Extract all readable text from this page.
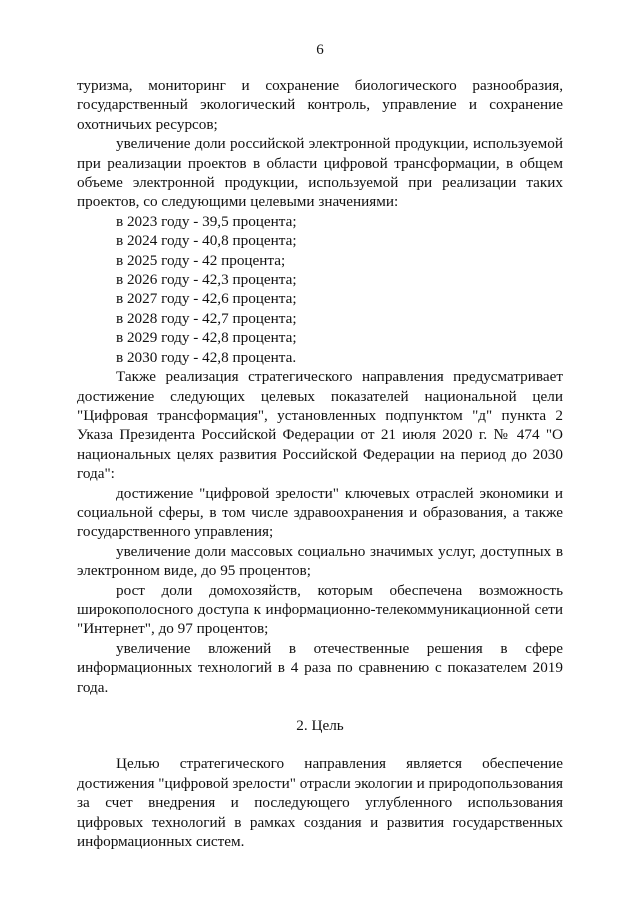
6

туризма, мониторинг и сохранение биологического разнообразия, государственный экологический контроль, управление и сохранение охотничьих ресурсов;

увеличение доли российской электронной продукции, используемой при реализации проектов в области цифровой трансформации, в общем объеме электронной продукции, используемой при реализации таких проектов, со следующими целевыми значениями:

в 2023 году - 39,5 процента;

в 2024 году - 40,8 процента;

в 2025 году - 42 процента;

в 2026 году - 42,3 процента;

в 2027 году - 42,6 процента;

в 2028 году - 42,7 процента;

в 2029 году - 42,8 процента;

в 2030 году - 42,8 процента.

Также реализация стратегического направления предусматривает достижение следующих целевых показателей национальной цели "Цифровая трансформация", установленных подпунктом "д" пункта 2 Указа Президента Российской Федерации от 21 июля 2020 г. № 474 "О национальных целях развития Российской Федерации на период до 2030 года":

достижение "цифровой зрелости" ключевых отраслей экономики и социальной сферы, в том числе здравоохранения и образования, а также государственного управления;

увеличение доли массовых социально значимых услуг, доступных в электронном виде, до 95 процентов;

рост доли домохозяйств, которым обеспечена возможность широкополосного доступа к информационно-телекоммуникационной сети "Интернет", до 97 процентов;

увеличение вложений в отечественные решения в сфере информационных технологий в 4 раза по сравнению с показателем 2019 года.

2. Цель

Целью стратегического направления является обеспечение достижения "цифровой зрелости" отрасли экологии и природопользования за счет внедрения и последующего углубленного использования цифровых технологий в рамках создания и развития государственных информационных систем.
